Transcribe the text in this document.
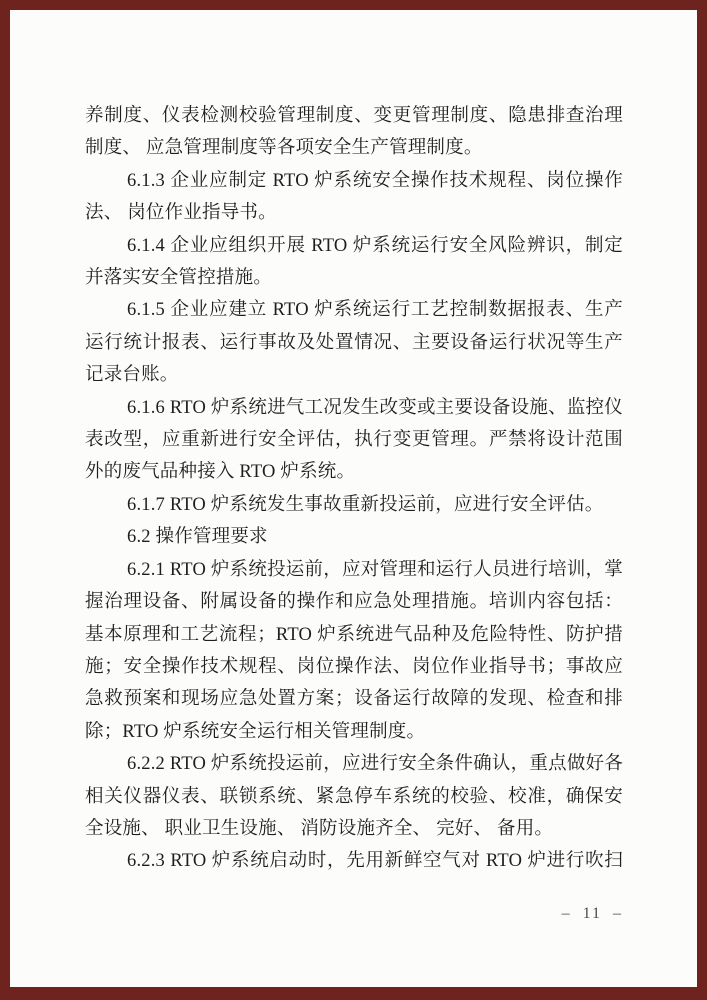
养制度、仪表检测校验管理制度、变更管理制度、隐患排查治理
制度、 应急管理制度等各项安全生产管理制度。
6.1.3 企业应制定 RTO 炉系统安全操作技术规程、岗位操作
法、 岗位作业指导书。
6.1.4 企业应组织开展 RTO 炉系统运行安全风险辨识，制定
并落实安全管控措施。
6.1.5 企业应建立 RTO 炉系统运行工艺控制数据报表、生产
运行统计报表、运行事故及处置情况、主要设备运行状况等生产
记录台账。
6.1.6 RTO 炉系统进气工况发生改变或主要设备设施、监控仪
表改型，应重新进行安全评估，执行变更管理。严禁将设计范围
外的废气品种接入 RTO 炉系统。
6.1.7 RTO 炉系统发生事故重新投运前，应进行安全评估。
6.2 操作管理要求
6.2.1 RTO 炉系统投运前，应对管理和运行人员进行培训，掌
握治理设备、附属设备的操作和应急处理措施。培训内容包括：
基本原理和工艺流程；RTO 炉系统进气品种及危险特性、防护措
施；安全操作技术规程、岗位操作法、岗位作业指导书；事故应
急救预案和现场应急处置方案；设备运行故障的发现、检查和排
除；RTO 炉系统安全运行相关管理制度。
6.2.2 RTO 炉系统投运前，应进行安全条件确认，重点做好各
相关仪器仪表、联锁系统、紧急停车系统的校验、校准，确保安
全设施、 职业卫生设施、 消防设施齐全、 完好、 备用。
6.2.3 RTO 炉系统启动时，先用新鲜空气对 RTO 炉进行吹扫
– 11 –
